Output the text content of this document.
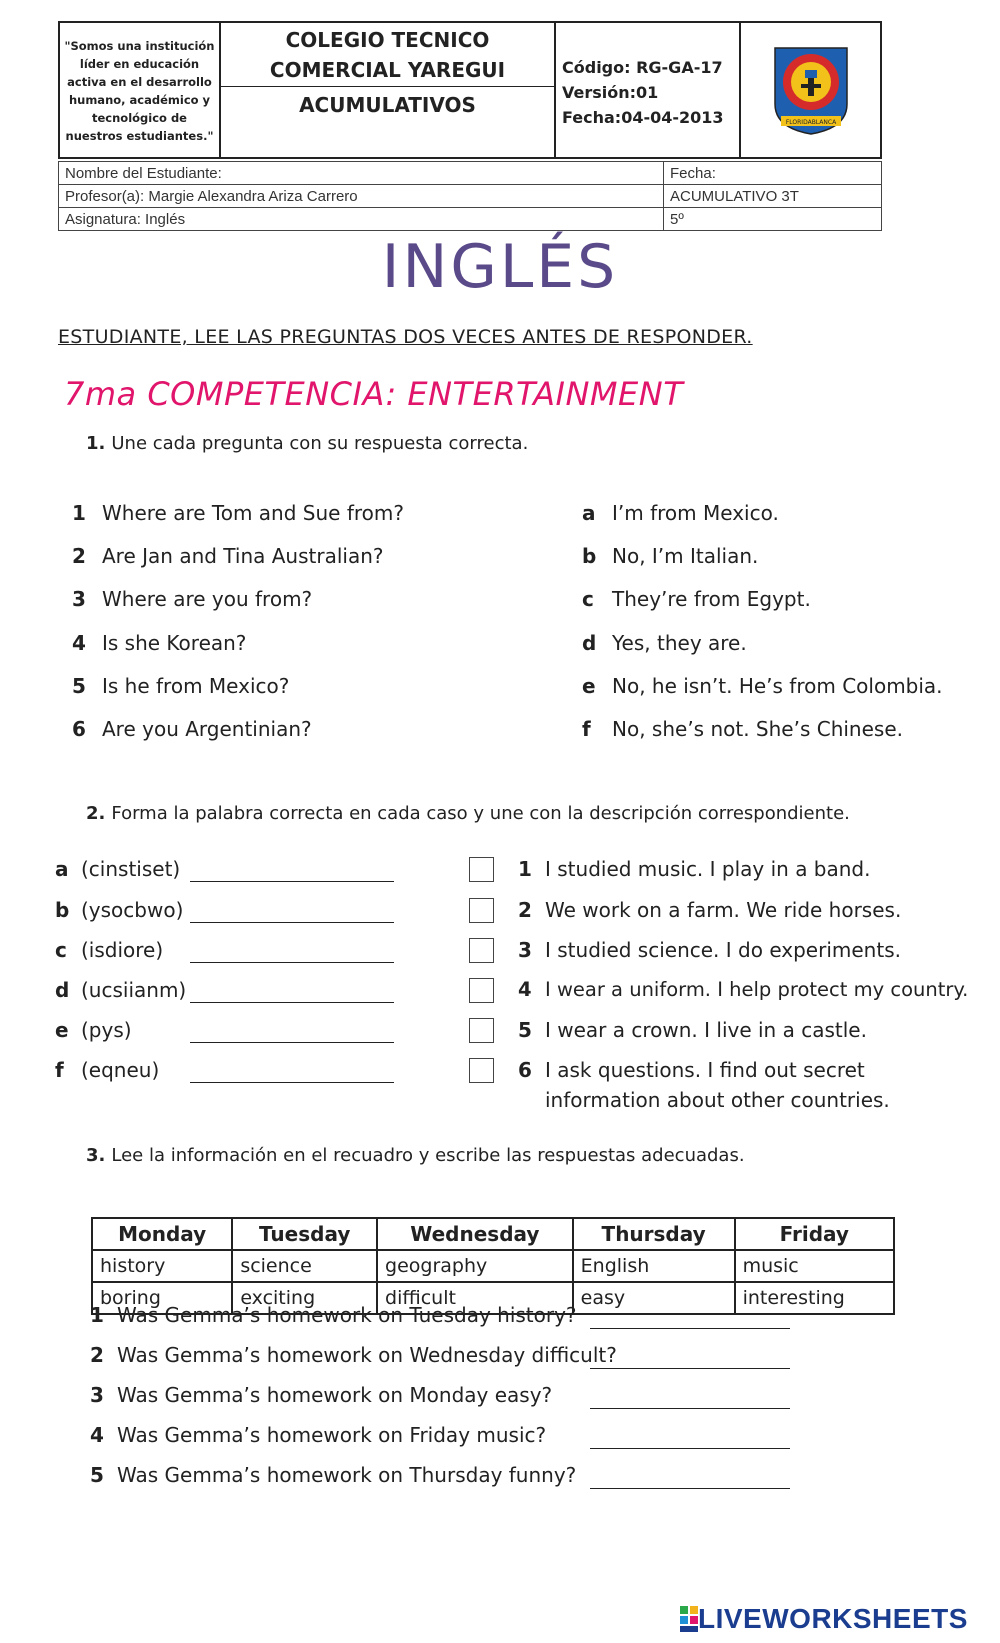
"Somos una institución líder en educación activa en el desarrollo humano, académico y tecnológico de nuestros estudiantes."
COLEGIO TECNICO
COMERCIAL YAREGUI
ACUMULATIVOS
Código: RG-GA-17
Versión:01
Fecha:04-04-2013	FLORIDABLANCA
Nombre del Estudiante:	Fecha:
Profesor(a): Margie Alexandra Ariza Carrero	ACUMULATIVO 3T
Asignatura: Inglés	5º
INGLÉS
ESTUDIANTE, LEE LAS PREGUNTAS DOS VECES ANTES DE RESPONDER.
7ma COMPETENCIA: ENTERTAINMENT
1. Une cada pregunta con su respuesta correcta.
1 Where are Tom and Sue from?
2 Are Jan and Tina Australian?
3 Where are you from?
4 Is she Korean?
5 Is he from Mexico?
6 Are you Argentinian?
a I’m from Mexico.
b No, I’m Italian.
c They’re from Egypt.
d Yes, they are.
e No, he isn’t. He’s from Colombia.
f No, she’s not. She’s Chinese.
2. Forma la palabra correcta en cada caso y une con la descripción correspondiente.
a (cinstiset)
b (ysocbwo)
c (isdiore)
d (ucsiianm)
e (pys)
f (eqneu)
1 I studied music. I play in a band.
2 We work on a farm. We ride horses.
3 I studied science. I do experiments.
4 I wear a uniform. I help protect my country.
5 I wear a crown. I live in a castle.
6 I ask questions. I find out secret
information about other countries.
3. Lee la información en el recuadro y escribe las respuestas adecuadas.
Monday	Tuesday	Wednesday	Thursday	Friday
history	science	geography	English	music
boring	exciting	difficult	easy	interesting
1 Was Gemma’s homework on Tuesday history?
2 Was Gemma’s homework on Wednesday difficult?
3 Was Gemma’s homework on Monday easy?
4 Was Gemma’s homework on Friday music?
5 Was Gemma’s homework on Thursday funny?
LIVEWORKSHEETS
